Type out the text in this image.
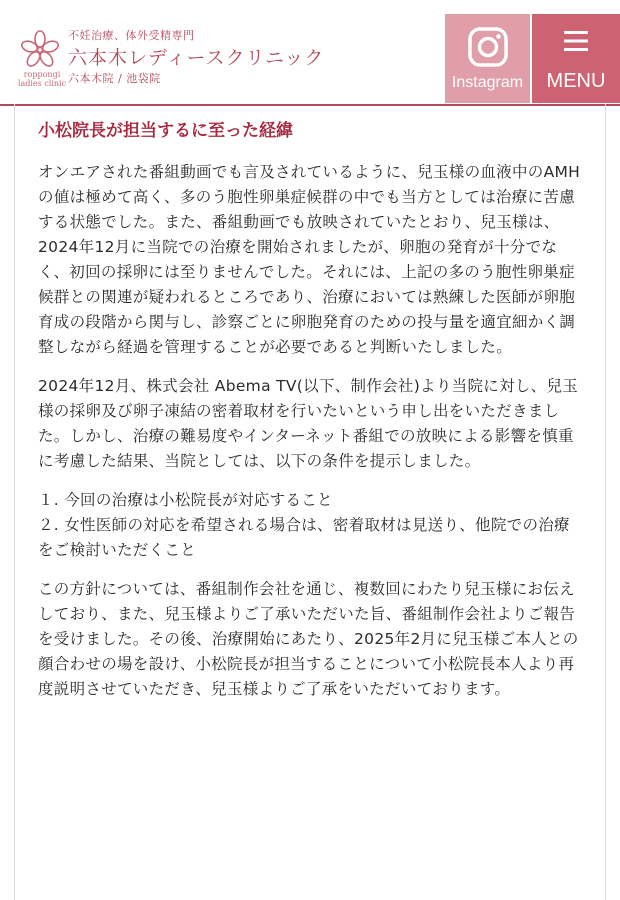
roppongi ladies clinic
不妊治療、体外受精専門
六本木レディースクリニック
六本木院 / 池袋院	Instagram	MENU
小松院長が担当するに至った経緯

オンエアされた番組動画でも言及されているように、兒玉様の血液中のAMHの値は極めて高く、多のう胞性卵巣症候群の中でも当方としては治療に苦慮する状態でした。また、番組動画でも放映されていたとおり、兒玉様は、2024年12月に当院での治療を開始されましたが、卵胞の発育が十分でなく、初回の採卵には至りませんでした。それには、上記の多のう胞性卵巣症候群との関連が疑われるところであり、治療においては熟練した医師が卵胞育成の段階から関与し、診察ごとに卵胞発育のための投与量を適宜細かく調整しながら経過を管理することが必要であると判断いたしました。

2024年12月、株式会社 Abema TV(以下、制作会社)より当院に対し、兒玉様の採卵及び卵子凍結の密着取材を行いたいという申し出をいただきました。しかし、治療の難易度やインターネット番組での放映による影響を慎重に考慮した結果、当院としては、以下の条件を提示しました。

１. 今回の治療は小松院長が対応すること
２. 女性医師の対応を希望される場合は、密着取材は見送り、他院での治療をご検討いただくこと

この方針については、番組制作会社を通じ、複数回にわたり兒玉様にお伝えしており、また、兒玉様よりご了承いただいた旨、番組制作会社よりご報告を受けました。その後、治療開始にあたり、2025年2月に兒玉様ご本人との顔合わせの場を設け、小松院長が担当することについて小松院長本人より再度説明させていただき、兒玉様よりご了承をいただいております。
